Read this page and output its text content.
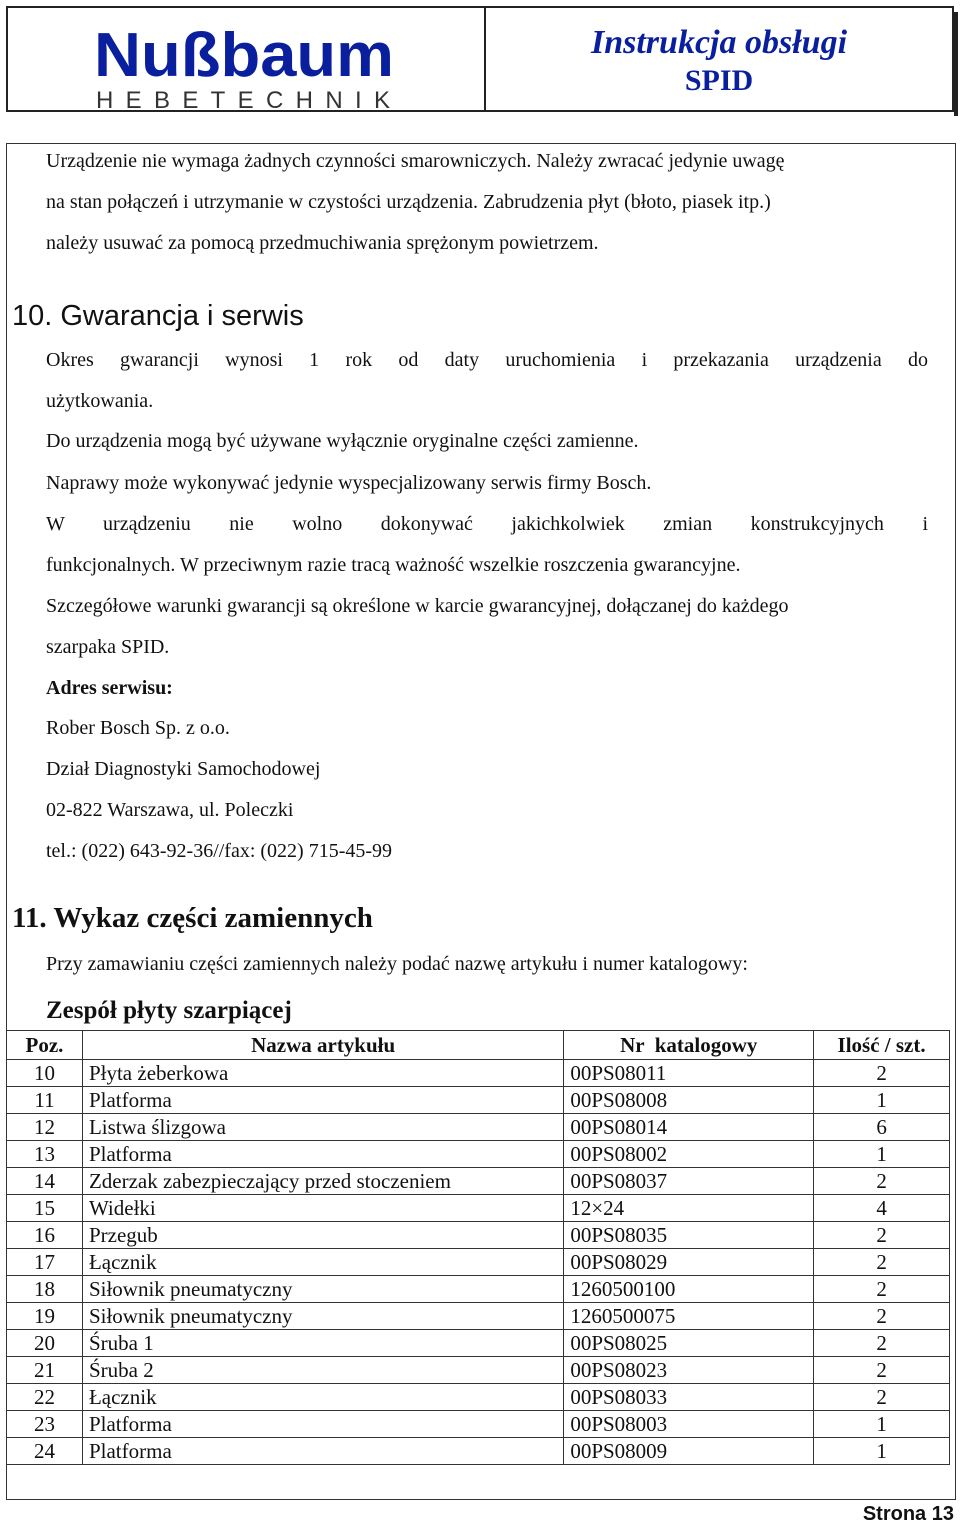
Nußbaum
HEBETECHNIK
Instrukcja obsługi
SPID
Urządzenie nie wymaga żadnych czynności smarowniczych. Należy zwracać jedynie uwagę
na stan połączeń i utrzymanie w czystości urządzenia. Zabrudzenia płyt (błoto, piasek itp.)
należy usuwać za pomocą przedmuchiwania sprężonym powietrzem.
10. Gwarancja i serwis
Okres gwarancji wynosi 1 rok od daty uruchomienia i przekazania urządzenia do
użytkowania.
Do urządzenia mogą być używane wyłącznie oryginalne części zamienne.
Naprawy może wykonywać jedynie wyspecjalizowany serwis firmy Bosch.
W urządzeniu nie wolno dokonywać jakichkolwiek zmian konstrukcyjnych i
funkcjonalnych. W przeciwnym razie tracą ważność wszelkie roszczenia gwarancyjne.
Szczegółowe warunki gwarancji są określone w karcie gwarancyjnej, dołączanej do każdego
szarpaka SPID.
Adres serwisu:
Rober Bosch Sp. z o.o.
Dział Diagnostyki Samochodowej
02-822 Warszawa, ul. Poleczki
tel.: (022) 643-92-36//fax: (022) 715-45-99
11. Wykaz części zamiennych
Przy zamawianiu części zamiennych należy podać nazwę artykułu i numer katalogowy:
Zespół płyty szarpiącej
Poz.	Nazwa artykułu	Nr  katalogowy	Ilość / szt.
10	Płyta żeberkowa	00PS08011	2
11	Platforma	00PS08008	1
12	Listwa ślizgowa	00PS08014	6
13	Platforma	00PS08002	1
14	Zderzak zabezpieczający przed stoczeniem	00PS08037	2
15	Widełki	12×24	4
16	Przegub	00PS08035	2
17	Łącznik	00PS08029	2
18	Siłownik pneumatyczny	1260500100	2
19	Siłownik pneumatyczny	1260500075	2
20	Śruba 1	00PS08025	2
21	Śruba 2	00PS08023	2
22	Łącznik	00PS08033	2
23	Platforma	00PS08003	1
24	Platforma	00PS08009	1
Strona 13
